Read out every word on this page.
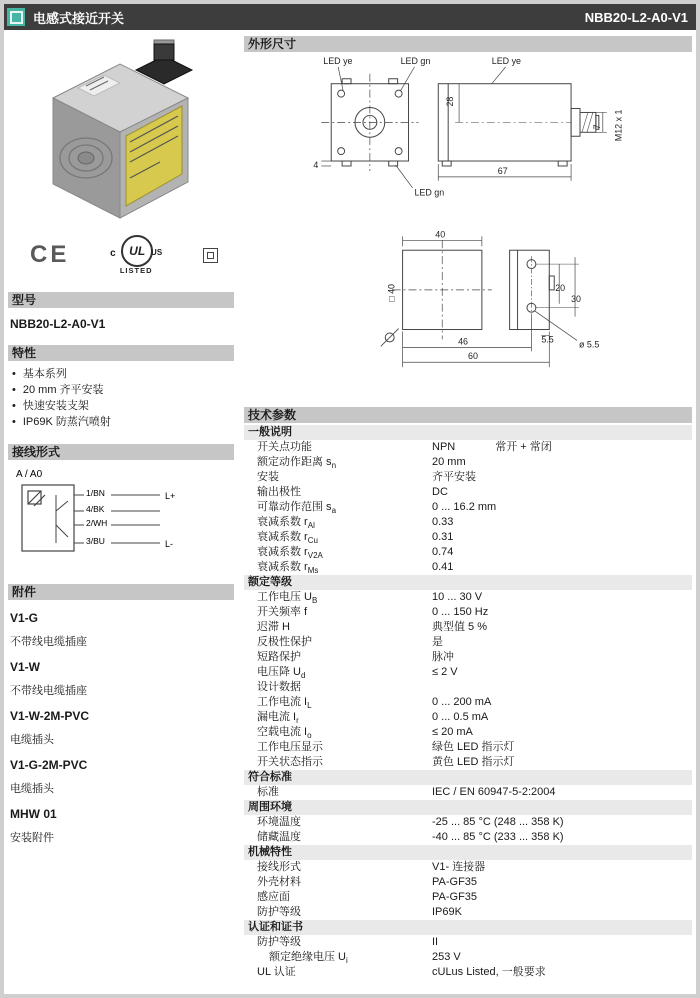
电感式接近开关	NBB20-L2-A0-V1
CE	c	UL US
LISTED
型号
NBB20-L2-A0-V1
特性
• 基本系列
• 20 mm 齐平安装
• 快速安装支架
• IP69K 防蒸汽喷射
接线形式
A / A0
1/BN
4/BK
2/WH
3/BU
L+
L-
附件
V1-G
不带线电缆插座
V1-W
不带线电缆插座
V1-W-2M-PVC
电缆插头
V1-G-2M-PVC
电缆插头
MHW 01
安装附件
外形尺寸
LED ye	LED gn	LED ye
LED gn
4
28
67
7 M12 x 1
40
□ 40	20
30
5.5
46
60
ø 5.5
技术参数
一般说明
开关点功能	NPN	常开 + 常闭
额定动作距离 $s_n$	20 mm
安装	齐平安装
输出极性	DC
可靠动作范围 $s_a$	0 ... 16.2 mm
衰减系数 $r_{Al}$	0.33
衰减系数 $r_{Cu}$	0.31
衰减系数 $r_{V2A}$	0.74
衰减系数 $r_{Ms}$	0.41
额定等级
工作电压 $U_B$	10 ... 30 V
开关频率 f	0 ... 150 Hz
迟滞 H	典型值 5 %
反极性保护	是
短路保护	脉冲
电压降 $U_d$	≤ 2 V
设计数据
工作电流 $I_L$	0 ... 200 mA
漏电流 $I_r$	0 ... 0.5 mA
空载电流 $I_o$	≤ 20 mA
工作电压显示	绿色 LED 指示灯
开关状态指示	黄色 LED 指示灯
符合标准
标准	IEC / EN 60947-5-2:2004
周围环境
环境温度	-25 ... 85 °C (248 ... 358 K)
储藏温度	-40 ... 85 °C (233 ... 358 K)
机械特性
接线形式	V1- 连接器
外壳材料	PA-GF35
感应面	PA-GF35
防护等级	IP69K
认证和证书
防护等级	II
额定绝缘电压 $U_i$	253 V
UL 认证	cULus Listed, 一般要求
